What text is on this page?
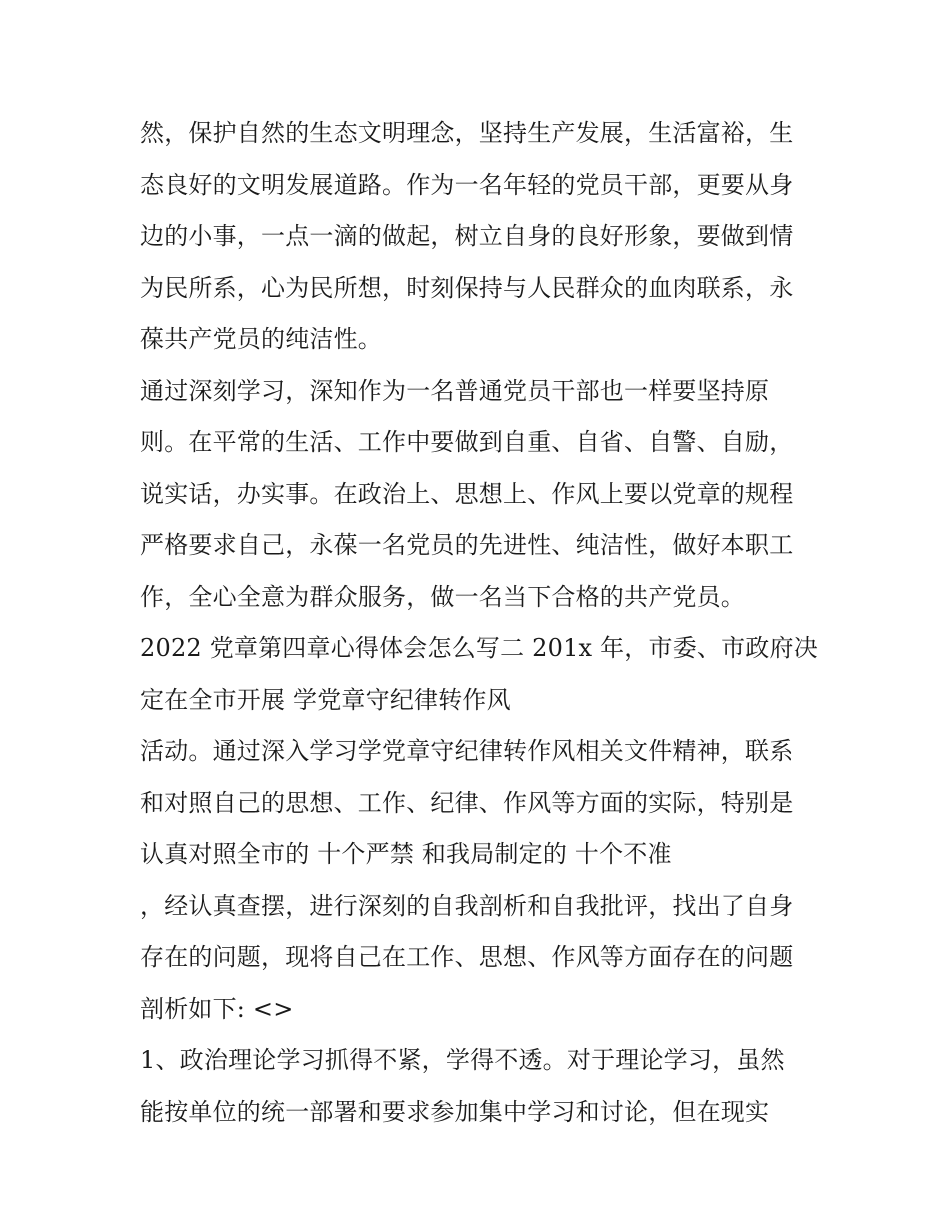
然，保护自然的生态文明理念，坚持生产发展，生活富裕，生
态良好的文明发展道路。作为一名年轻的党员干部，更要从身
边的小事，一点一滴的做起，树立自身的良好形象，要做到情
为民所系，心为民所想，时刻保持与人民群众的血肉联系，永
葆共产党员的纯洁性。
通过深刻学习，深知作为一名普通党员干部也一样要坚持原
则。在平常的生活、工作中要做到自重、自省、自警、自励，
说实话，办实事。在政治上、思想上、作风上要以党章的规程
严格要求自己，永葆一名党员的先进性、纯洁性，做好本职工
作，全心全意为群众服务，做一名当下合格的共产党员。
2022 党章第四章心得体会怎么写二 201x 年，市委、市政府决
定在全市开展 学党章守纪律转作风
活动。通过深入学习学党章守纪律转作风相关文件精神，联系
和对照自己的思想、工作、纪律、作风等方面的实际，特别是
认真对照全市的 十个严禁 和我局制定的 十个不准
，经认真查摆，进行深刻的自我剖析和自我批评，找出了自身
存在的问题，现将自己在工作、思想、作风等方面存在的问题
剖析如下: <>
1、政治理论学习抓得不紧，学得不透。对于理论学习，虽然
能按单位的统一部署和要求参加集中学习和讨论，但在现实
